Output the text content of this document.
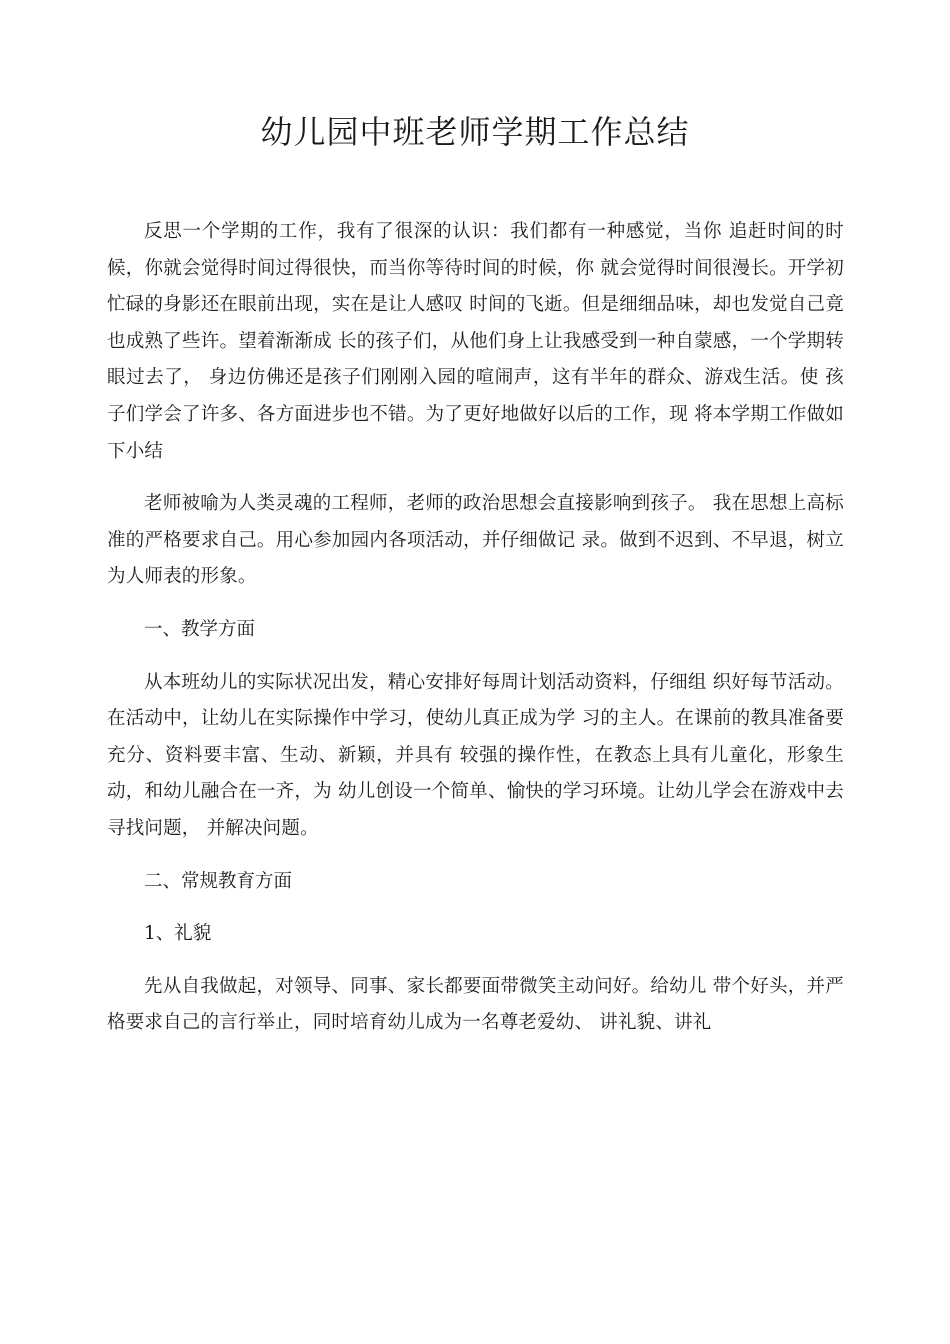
幼儿园中班老师学期工作总结

反思一个学期的工作，我有了很深的认识：我们都有一种感觉，当你 追赶时间的时候，你就会觉得时间过得很快，而当你等待时间的时候，你 就会觉得时间很漫长。开学初忙碌的身影还在眼前出现，实在是让人感叹 时间的飞逝。但是细细品味，却也发觉自己竟也成熟了些许。望着渐渐成 长的孩子们，从他们身上让我感受到一种自蒙感，一个学期转眼过去了， 身边仿佛还是孩子们刚刚入园的喧闹声，这有半年的群众、游戏生活。使 孩子们学会了许多、各方面进步也不错。为了更好地做好以后的工作，现 将本学期工作做如下小结

老师被喻为人类灵魂的工程师，老师的政治思想会直接影响到孩子。 我在思想上高标准的严格要求自己。用心参加园内各项活动，并仔细做记 录。做到不迟到、不早退，树立为人师表的形象。

一、教学方面

从本班幼儿的实际状况出发，精心安排好每周计划活动资料，仔细组 织好每节活动。在活动中，让幼儿在实际操作中学习，使幼儿真正成为学 习的主人。在课前的教具准备要充分、资料要丰富、生动、新颖，并具有 较强的操作性，在教态上具有儿童化，形象生动，和幼儿融合在一齐，为 幼儿创设一个简单、愉快的学习环境。让幼儿学会在游戏中去寻找问题， 并解决问题。

二、常规教育方面

1、礼貌

先从自我做起，对领导、同事、家长都要面带微笑主动问好。给幼儿 带个好头，并严格要求自己的言行举止，同时培育幼儿成为一名尊老爱幼、 讲礼貌、讲礼
